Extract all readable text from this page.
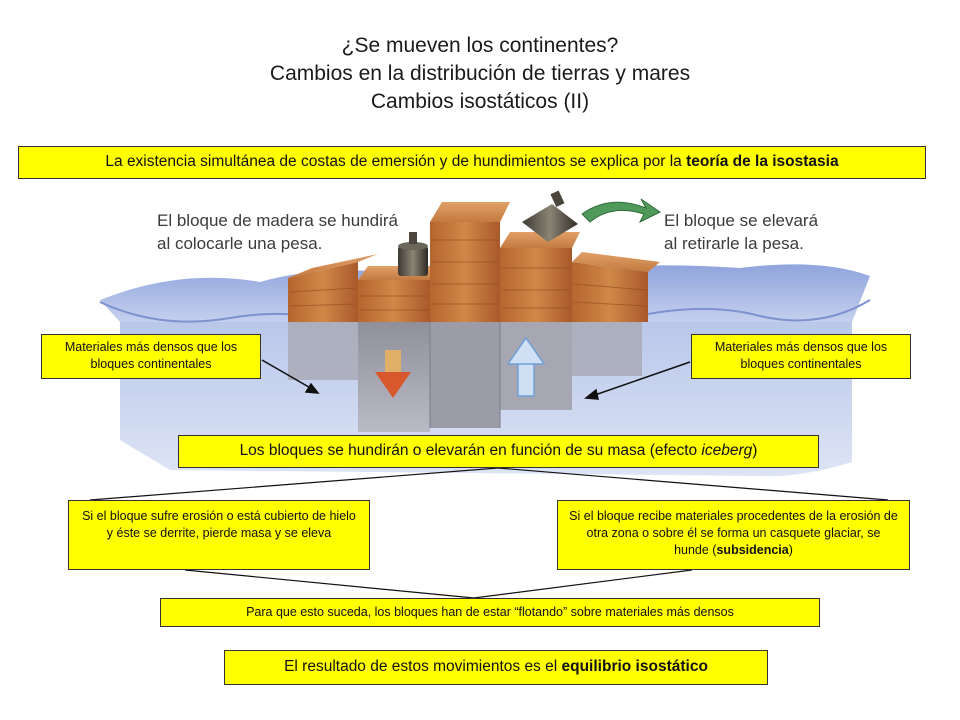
¿Se mueven los continentes?
Cambios en la distribución de tierras y mares
Cambios isostáticos (II)
La existencia simultánea de costas de emersión y de hundimientos se explica por la teoría de la isostasia
El bloque de madera se hundirá
al colocarle una pesa.
El bloque se elevará
al retirarle la pesa.
Materiales más densos que los bloques continentales
Materiales más densos que los bloques continentales
Los bloques se hundirán o elevarán en función de su masa (efecto iceberg)
Si el bloque sufre erosión o está cubierto de hielo y éste se derrite, pierde masa y se eleva
Si el bloque recibe materiales procedentes de la erosión de otra zona o sobre él se forma un casquete glaciar, se hunde (subsidencia)
Para que esto suceda, los bloques han de estar “flotando” sobre materiales más densos
El resultado de estos movimientos es el equilibrio isostático
